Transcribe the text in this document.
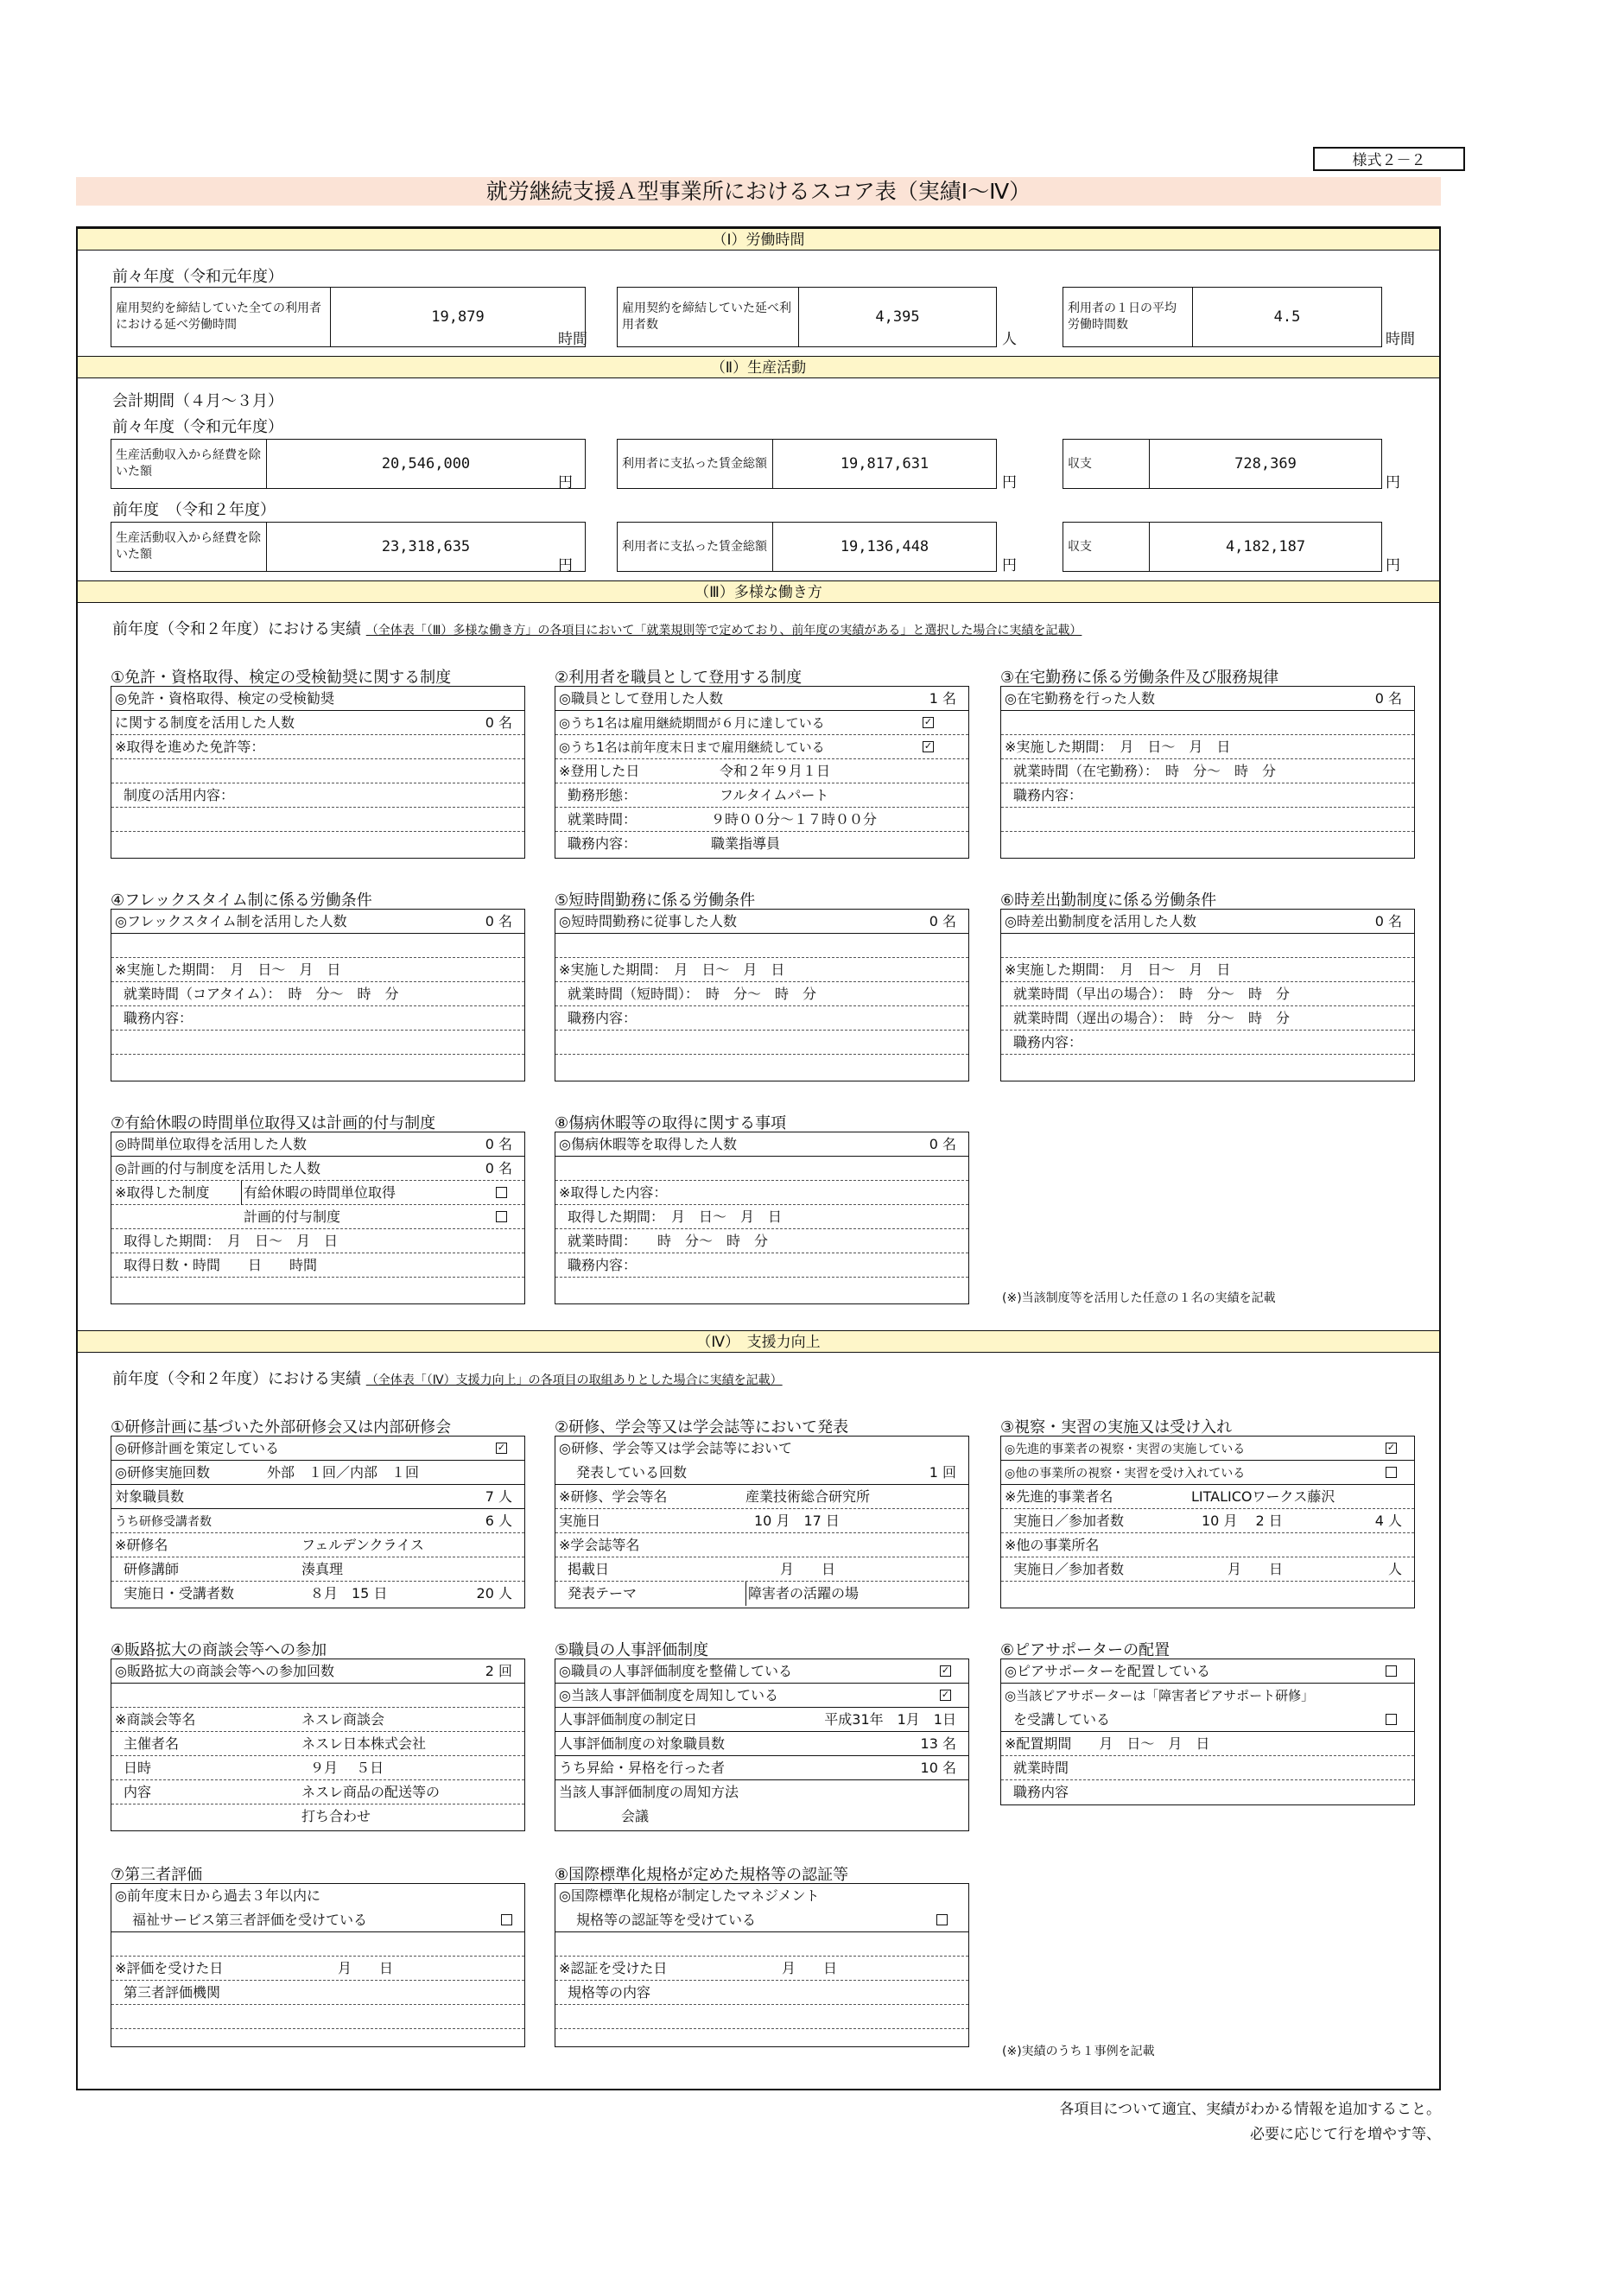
様式２－２
就労継続支援Ａ型事業所におけるスコア表（実績Ⅰ～Ⅳ）
（Ⅰ）労働時間
前々年度（令和元年度）
雇用契約を締結していた全ての利用者における延べ労働時間	19,879
時間
雇用契約を締結していた延べ利用者数	4,395
人
利用者の１日の平均労働時間数	4.5
時間
（Ⅱ）生産活動
会計期間（４月～３月）
前々年度（令和元年度）
生産活動収入から経費を除いた額	20,546,000
円
利用者に支払った賃金総額	19,817,631
円
収支	728,369
円
前年度　（令和２年度）
生産活動収入から経費を除いた額	23,318,635
円
利用者に支払った賃金総額	19,136,448
円
収支	4,182,187
円
（Ⅲ）多様な働き方
前年度（令和２年度）における実績 （全体表「（Ⅲ）多様な働き方」の各項目において「就業規則等で定めており、前年度の実績がある」と選択した場合に実績を記載）
①免許・資格取得、検定の受検勧奨に関する制度
◎免許・資格取得、検定の受検勧奨
に関する制度を活用した人数	0 名
※取得を進めた免許等：
制度の活用内容：
②利用者を職員として登用する制度
◎職員として登用した人数	1 名
◎うち1名は雇用継続期間が６月に達している
✓
◎うち1名は前年度末日まで雇用継続している
✓
※登用した日	令和２年９月１日
勤務形態：	フルタイムパート
就業時間：	９時００分～１７時００分
職務内容：	職業指導員
③在宅勤務に係る労働条件及び服務規律
◎在宅勤務を行った人数	0 名
※実施した期間：　月　日～　月　日
就業時間（在宅勤務）：　時　分～　時　分
職務内容：
④フレックスタイム制に係る労働条件
◎フレックスタイム制を活用した人数	0 名
※実施した期間：　月　日～　月　日
就業時間（コアタイム）：　時　分～　時　分
職務内容：
⑤短時間勤務に係る労働条件
◎短時間勤務に従事した人数	0 名
※実施した期間：　月　日～　月　日
就業時間（短時間）：　時　分～　時　分
職務内容：
⑥時差出勤制度に係る労働条件
◎時差出勤制度を活用した人数	0 名
※実施した期間：　月　日～　月　日
就業時間（早出の場合）：　時　分～　時　分
就業時間（遅出の場合）：　時　分～　時　分
職務内容：
⑦有給休暇の時間単位取得又は計画的付与制度
◎時間単位取得を活用した人数	0 名
◎計画的付与制度を活用した人数	0 名
※取得した制度 有給休暇の時間単位取得
計画的付与制度
取得した期間：　月　日～　月　日
取得日数・時間　　日　　時間
⑧傷病休暇等の取得に関する事項
◎傷病休暇等を取得した人数	0 名
※取得した内容：
取得した期間：　月　日～　月　日
就業時間：　　時　分～　時　分
職務内容：
(※)当該制度等を活用した任意の１名の実績を記載
（Ⅳ）　支援力向上
前年度（令和２年度）における実績 （全体表「（Ⅳ）支援力向上」の各項目の取組ありとした場合に実績を記載）
①研修計画に基づいた外部研修会又は内部研修会
◎研修計画を策定している
✓
◎研修実施回数	外部　１回／内部　１回
対象職員数	7 人
うち研修受講者数	6 人
※研修名	フェルデンクライス
研修講師	湊真理
実施日・受講者数	８月　15 日	20 人
②研修、学会等又は学会誌等において発表
◎研修、学会等又は学会誌等において
発表している回数	1 回
※研修、学会等名	産業技術総合研究所
実施日	10 月　17 日
※学会誌等名
掲載日	月　　日
発表テーマ	障害者の活躍の場
③視察・実習の実施又は受け入れ
◎先進的事業者の視察・実習の実施している
✓
◎他の事業所の視察・実習を受け入れている
※先進的事業者名	LITALICOワークス藤沢
実施日／参加者数	10 月　 2 日	4 人
※他の事業所名
実施日／参加者数	月　　日	人
④販路拡大の商談会等への参加
◎販路拡大の商談会等への参加回数	2 回
※商談会等名	ネスレ商談会
主催者名	ネスレ日本株式会社
日時	９月　 ５日
内容	ネスレ商品の配送等の
打ち合わせ
⑤職員の人事評価制度
◎職員の人事評価制度を整備している
✓
◎当該人事評価制度を周知している
✓
人事評価制度の制定日	平成31年　1月　1日
人事評価制度の対象職員数	13 名
うち昇給・昇格を行った者	10 名
当該人事評価制度の周知方法
会議
⑥ピアサポーターの配置
◎ピアサポーターを配置している
◎当該ピアサポーターは「障害者ピアサポート研修」
を受講している
※配置期間　　月　日～　月　日
就業時間
職務内容
⑦第三者評価
◎前年度末日から過去３年以内に
福祉サービス第三者評価を受けている
※評価を受けた日	月　　日
第三者評価機関
⑧国際標準化規格が定めた規格等の認証等
◎国際標準化規格が制定したマネジメント
規格等の認証等を受けている
※認証を受けた日	月　　日
規格等の内容
(※)実績のうち１事例を記載
各項目について適宜、実績がわかる情報を追加すること。
必要に応じて行を増やす等、
